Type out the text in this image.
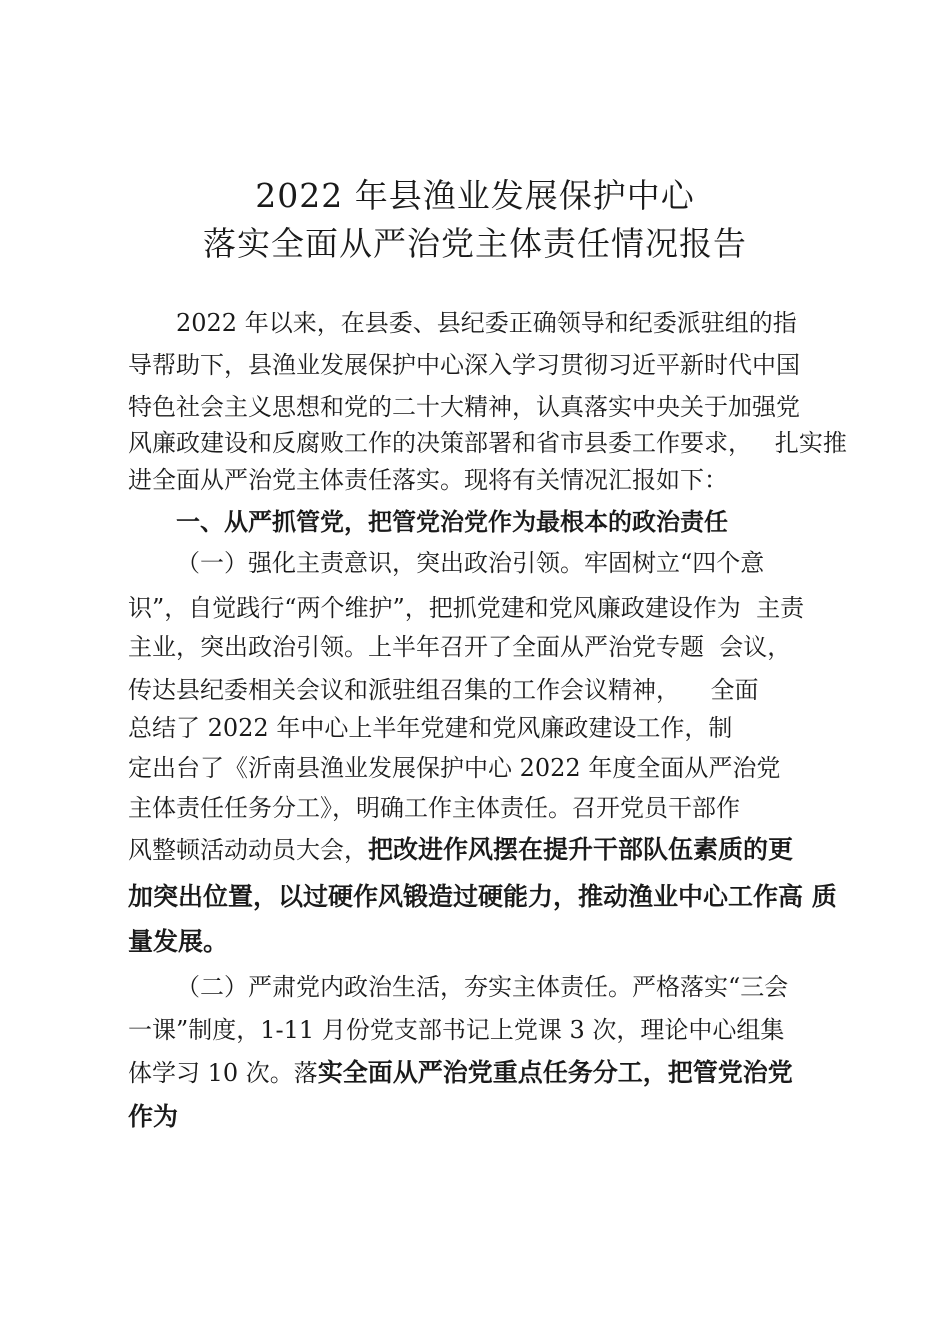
2022 年县渔业发展保护中心
落实全面从严治党主体责任情况报告
2022 年以来，在县委、县纪委正确领导和纪委派驻组的指
导帮助下，县渔业发展保护中心深入学习贯彻习近平新时代中国
特色社会主义思想和党的二十大精神，认真落实中央关于加强党
风廉政建设和反腐败工作的决策部署和省市县委工作要求，   扎实推
进全面从严治党主体责任落实。现将有关情况汇报如下：
一、从严抓管党，把管党治党作为最根本的政治责任
（一）强化主责意识，突出政治引领。牢固树立“四个意
识”，自觉践行“两个维护”，把抓党建和党风廉政建设作为  主责
主业，突出政治引领。上半年召开了全面从严治党专题  会议，
传达县纪委相关会议和派驻组召集的工作会议精神，    全面
总结了 2022 年中心上半年党建和党风廉政建设工作，制
定出台了《沂南县渔业发展保护中心 2022 年度全面从严治党
主体责任任务分工》，明确工作主体责任。召开党员干部作
风整顿活动动员大会，把改进作风摆在提升干部队伍素质的更
加突出位置，以过硬作风锻造过硬能力，推动渔业中心工作高 质
量发展。
（二）严肃党内政治生活，夯实主体责任。严格落实“三会
一课”制度，1-11 月份党支部书记上党课 3 次，理论中心组集
体学习 10 次。落实全面从严治党重点任务分工，把管党治党
作为
